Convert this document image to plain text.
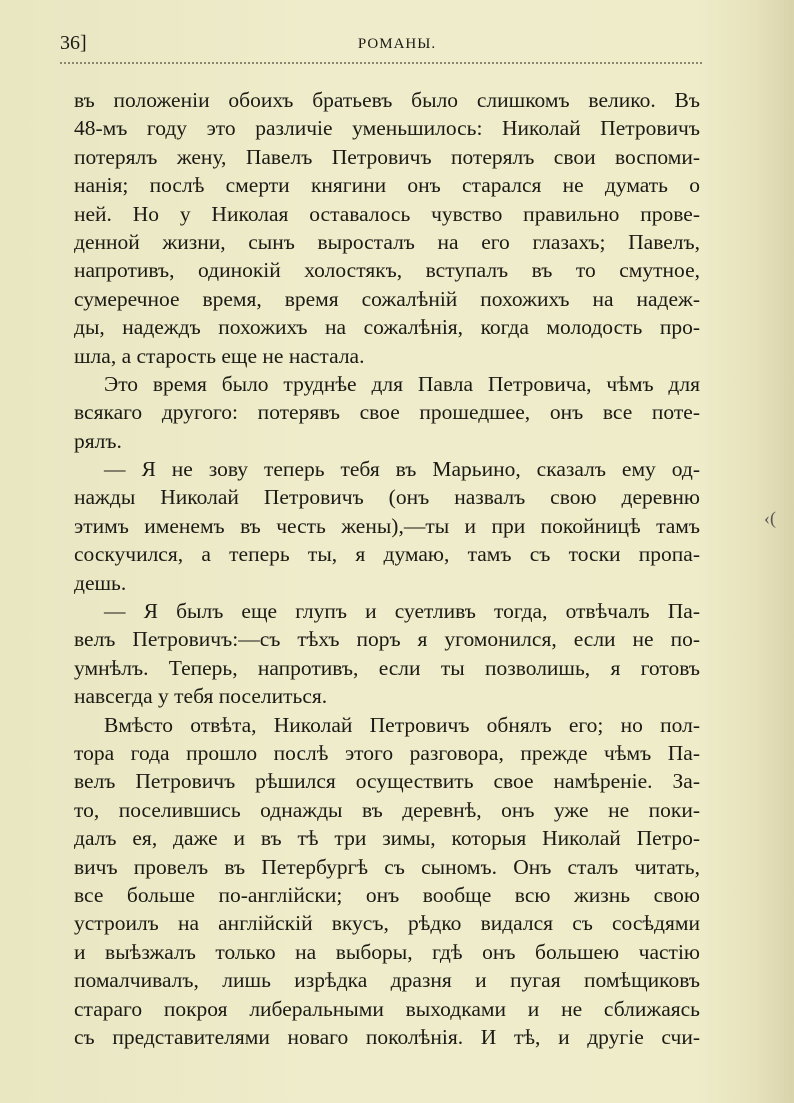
36]	РОМАНЫ.
въ положеніи обоихъ братьевъ было слишкомъ велико. Въ
48-мъ году это различіе уменьшилось: Николай Петровичъ
потерялъ жену, Павелъ Петровичъ потерялъ свои воспоми-
нанія; послѣ смерти княгини онъ старался не думать о
ней. Но у Николая оставалось чувство правильно прове-
денной жизни, сынъ выросталъ на его глазахъ; Павелъ,
напротивъ, одинокій холостякъ, вступалъ въ то смутное,
сумеречное время, время сожалѣній похожихъ на надеж-
ды, надеждъ похожихъ на сожалѣнія, когда молодость про-
шла, а старость еще не настала.
Это время было труднѣе для Павла Петровича, чѣмъ для
всякаго другого: потерявъ свое прошедшее, онъ все поте-
рялъ.
— Я не зову теперь тебя въ Марьино, сказалъ ему од-
нажды Николай Петровичъ (онъ назвалъ свою деревню
этимъ именемъ въ честь жены),—ты и при покойницѣ тамъ
соскучился, а теперь ты, я думаю, тамъ съ тоски пропа-
дешь.
— Я былъ еще глупъ и суетливъ тогда, отвѣчалъ Па-
велъ Петровичъ:—съ тѣхъ поръ я угомонился, если не по-
умнѣлъ. Теперь, напротивъ, если ты позволишь, я готовъ
навсегда у тебя поселиться.
Вмѣсто отвѣта, Николай Петровичъ обнялъ его; но пол-
тора года прошло послѣ этого разговора, прежде чѣмъ Па-
велъ Петровичъ рѣшился осуществить свое намѣреніе. За-
то, поселившись однажды въ деревнѣ, онъ уже не поки-
далъ ея, даже и въ тѣ три зимы, которыя Николай Петро-
вичъ провелъ въ Петербургѣ съ сыномъ. Онъ сталъ читать,
все больше по-англійски; онъ вообще всю жизнь свою
устроилъ на англійскій вкусъ, рѣдко видался съ сосѣдями
и выѣзжалъ только на выборы, гдѣ онъ большею частію
помалчивалъ, лишь изрѣдка дразня и пугая помѣщиковъ
стараго покроя либеральными выходками и не сближаясь
съ представителями новаго поколѣнія. И тѣ, и другіе счи-
‹(
